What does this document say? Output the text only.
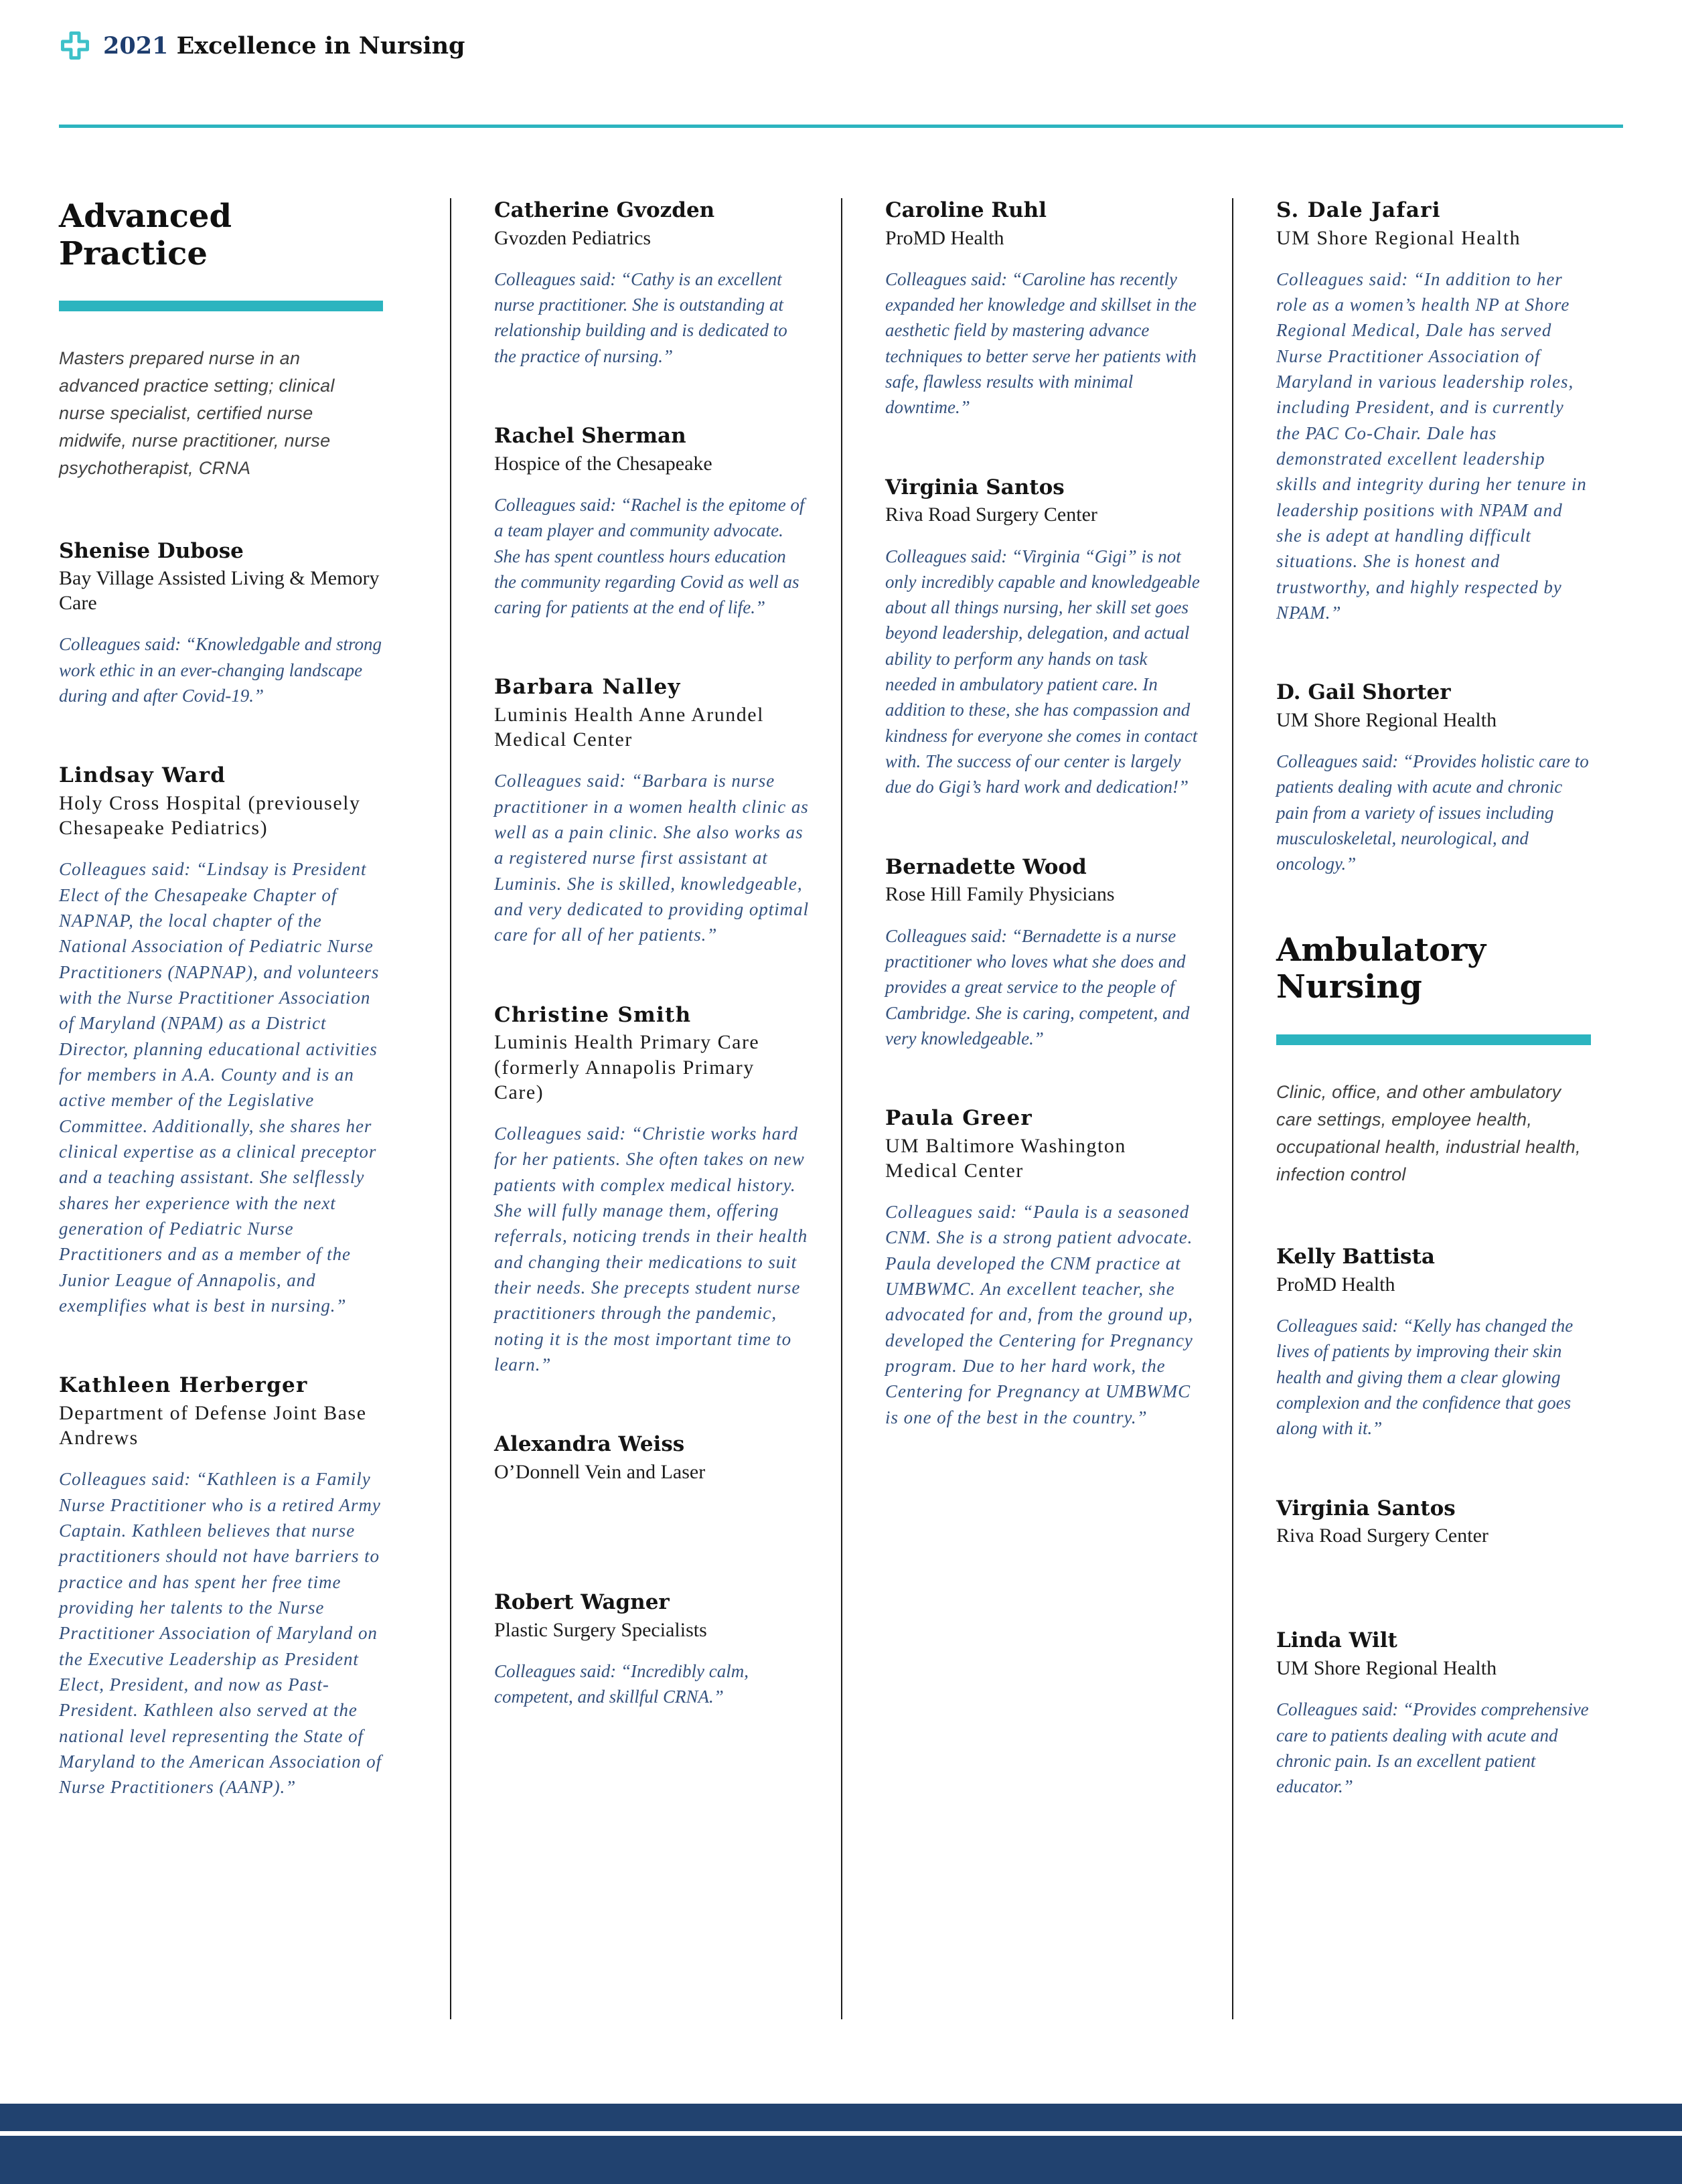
2021 Excellence in Nursing
Advanced Practice

Masters prepared nurse in an advanced practice setting; clinical nurse specialist, certified nurse midwife, nurse practitioner, nurse psychotherapist, CRNA

Shenise Dubose

Bay Village Assisted Living & Memory Care

Colleagues said: “Knowledgable and strong work ethic in an ever-changing landscape during and after Covid-19.”

Lindsay Ward

Holy Cross Hospital (previousely Chesapeake Pediatrics)

Colleagues said: “Lindsay is President Elect of the Chesapeake Chapter of NAPNAP, the local chapter of the National Association of Pediatric Nurse Practitioners (NAPNAP), and volunteers with the Nurse Practitioner Association of Maryland (NPAM) as a District Director, planning educational activities for members in A.A. County and is an active member of the Legislative Committee. Additionally, she shares her clinical expertise as a clinical preceptor and a teaching assistant. She selflessly shares her experience with the next generation of Pediatric Nurse Practitioners and as a member of the Junior League of Annapolis, and exemplifies what is best in nursing.”

Kathleen Herberger

Department of Defense Joint Base Andrews

Colleagues said: “Kathleen is a Family Nurse Practitioner who is a retired Army Captain. Kathleen believes that nurse practitioners should not have barriers to practice and has spent her free time providing her talents to the Nurse Practitioner Association of Maryland on the Executive Leadership as President Elect, President, and now as Past-President. Kathleen also served at the national level representing the State of Maryland to the American Association of Nurse Practitioners (AANP).”

Catherine Gvozden

Gvozden Pediatrics

Colleagues said: “Cathy is an excellent nurse practitioner. She is outstanding at relationship building and is dedicated to the practice of nursing.”

Rachel Sherman

Hospice of the Chesapeake

Colleagues said: “Rachel is the epitome of a team player and community advocate. She has spent countless hours education the community regarding Covid as well as caring for patients at the end of life.”

Barbara Nalley

Luminis Health Anne Arundel Medical Center

Colleagues said: “Barbara is nurse practitioner in a women health clinic as well as a pain clinic. She also works as a registered nurse first assistant at Luminis. She is skilled, knowledgeable, and very dedicated to providing optimal care for all of her patients.”

Christine Smith

Luminis Health Primary Care (formerly Annapolis Primary Care)

Colleagues said: “Christie works hard for her patients. She often takes on new patients with complex medical history. She will fully manage them, offering referrals, noticing trends in their health and changing their medications to suit their needs. She precepts student nurse practitioners through the pandemic, noting it is the most important time to learn.”

Alexandra Weiss

O’Donnell Vein and Laser

Robert Wagner

Plastic Surgery Specialists

Colleagues said: “Incredibly calm, competent, and skillful CRNA.”

Caroline Ruhl

ProMD Health

Colleagues said: “Caroline has recently expanded her knowledge and skillset in the aesthetic field by mastering advance techniques to better serve her patients with safe, flawless results with minimal downtime.”

Virginia Santos

Riva Road Surgery Center

Colleagues said: “Virginia “Gigi” is not only incredibly capable and knowledgeable about all things nursing, her skill set goes beyond leadership, delegation, and actual ability to perform any hands on task needed in ambulatory patient care. In addition to these, she has compassion and kindness for everyone she comes in contact with. The success of our center is largely due do Gigi’s hard work and dedication!”

Bernadette Wood

Rose Hill Family Physicians

Colleagues said: “Bernadette is a nurse practitioner who loves what she does and provides a great service to the people of Cambridge. She is caring, competent, and very knowledgeable.”

Paula Greer

UM Baltimore Washington Medical Center

Colleagues said: “Paula is a seasoned CNM. She is a strong patient advocate. Paula developed the CNM practice at UMBWMC. An excellent teacher, she advocated for and, from the ground up, developed the Centering for Pregnancy program. Due to her hard work, the Centering for Pregnancy at UMBWMC is one of the best in the country.”

S. Dale Jafari

UM Shore Regional Health

Colleagues said: “In addition to her role as a women’s health NP at Shore Regional Medical, Dale has served Nurse Practitioner Association of Maryland in various leadership roles, including President, and is currently the PAC Co-Chair. Dale has demonstrated excellent leadership skills and integrity during her tenure in leadership positions with NPAM and she is adept at handling difficult situations. She is honest and trustworthy, and highly respected by NPAM.”

D. Gail Shorter

UM Shore Regional Health

Colleagues said: “Provides holistic care to patients dealing with acute and chronic pain from a variety of issues including musculoskeletal, neurological, and oncology.”

Ambulatory Nursing

Clinic, office, and other ambulatory care settings, employee health, occupational health, industrial health, infection control

Kelly Battista

ProMD Health

Colleagues said: “Kelly has changed the lives of patients by improving their skin health and giving them a clear glowing complexion and the confidence that goes along with it.”

Virginia Santos

Riva Road Surgery Center

Linda Wilt

UM Shore Regional Health

Colleagues said: “Provides comprehensive care to patients dealing with acute and chronic pain. Is an excellent patient educator.”
